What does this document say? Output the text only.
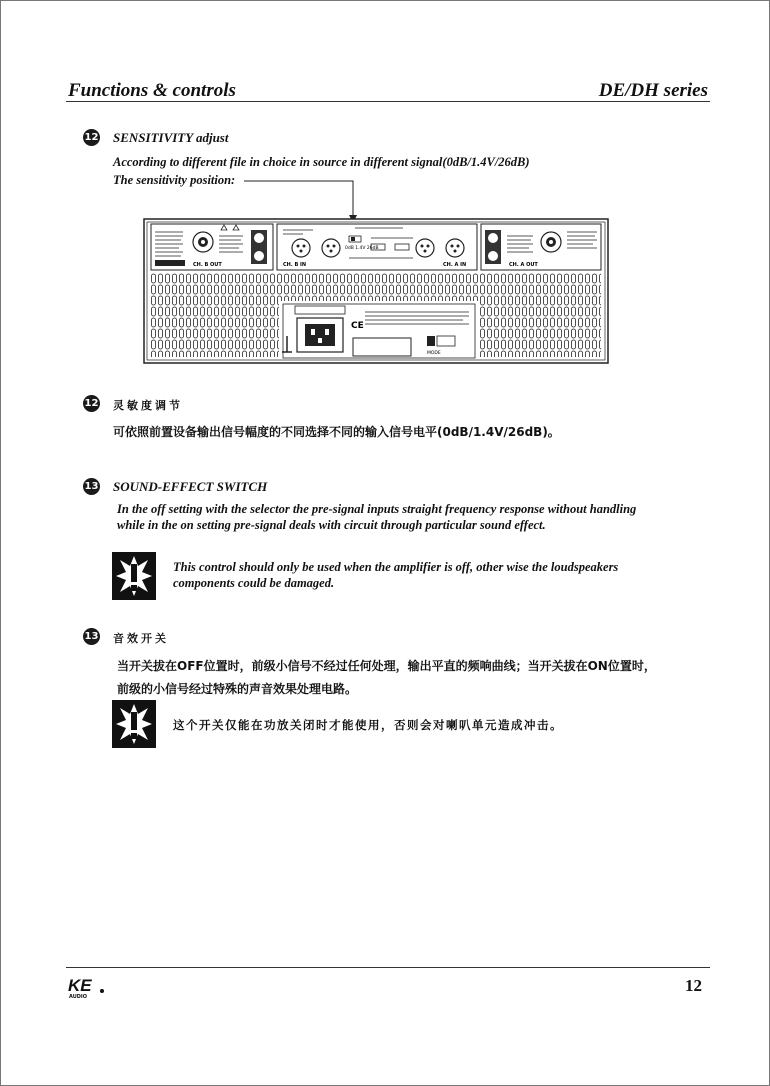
Functions & controls	DE/DH series
12 SENSITIVITY adjust
According to different file in choice in source in different signal(0dB/1.4V/26dB)
The sensitivity position:
CH. B OUT	CH. B IN
0dB 1.4V 26dB
CH. A IN	CH. A OUT
CE
MODE
12 灵敏度调节
可依照前置设备输出信号幅度的不同选择不同的输入信号电平(0dB/1.4V/26dB)。
13 SOUND-EFFECT SWITCH
In the off setting with the selector the pre-signal inputs straight frequency response without handling
while in the on setting pre-signal deals with circuit through particular sound effect.
This control should only be used when the amplifier is off, other wise the loudspeakers
components could be damaged.
13 音效开关
当开关拔在OFF位置时，前级小信号不经过任何处理，输出平直的频响曲线；当开关拔在ON位置时，
前级的小信号经过特殊的声音效果处理电路。
这个开关仅能在功放关闭时才能使用，否则会对喇叭单元造成冲击。
KE
AUDIO
12
